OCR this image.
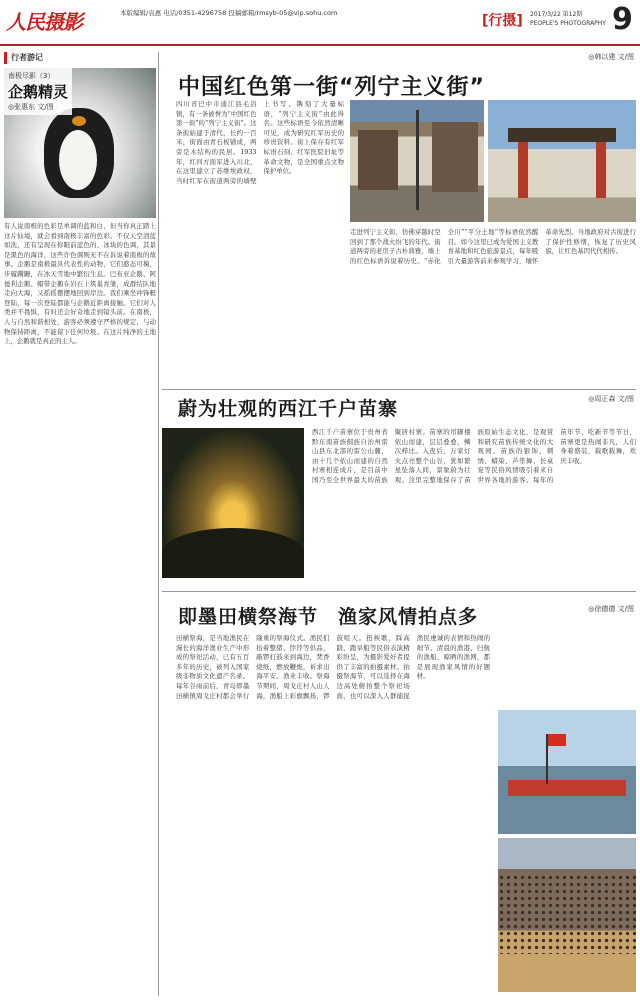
人民摄影	本版编辑/袁惠 电话/0351-4296758 投稿邮箱/rmsyb-05@vip.sohu.com	[行摄] 2017/3/22 第12期
PEOPLE'S PHOTOGRAPHY 9
行者游记
南极尽影（3）
企鹅精灵
◎张惠东 文/图

有人说南极的色彩是单调的蓝和白，但当你真正踏上这片仙境，就会看到南极丰富的色彩。不仅天空清蓝如洗，还有呈现在你眼前蓝色的、冰块的色调，其景是黑色的海洋，这些许色调则无不在诉说着南极的故事。企鹅是南极最具代表性的动物，它们憨态可掬，步履蹒跚，在冰天雪地中繁衍生息。巴布亚企鹅、阿德利企鹅、帽带企鹅在岩石上筑巢育雏，成群结队地走向大海，又摇摇摆摆地回到岸边。我们乘坐冲锋艇登陆，每一次登陆都能与企鹅近距离接触。它们对人类并不畏惧，有时还会好奇地走到镜头前。在南极，人与自然和谐相处，游客必须遵守严格的规定，与动物保持距离，不能留下任何垃圾。在这片纯净的土地上，企鹅就是真正的主人。

◎韩以建 文/图
中国红色第一街“列宁主义街”

四川省巴中市通江县毛浴镇，有一条被誉为“中国红色第一街”的“列宁主义街”。这条街始建于清代，长约一百米，街面由青石板铺成，两旁是木结构的民居。1933年，红四方面军进入川北，在这里建立了苏维埃政权，当时红军在街道两旁的墙壁上书写、镌刻了大量标语，“列宁主义街”由此得名。这些标语至今依然清晰可见，成为研究红军历史的珍贵资料。街上保存有红军标语石刻、红军医院旧址等革命文物，是全国重点文物保护单位。

走进列宁主义街，仿佛穿越时空回到了那个战火纷飞的年代。街道两旁的老房子古朴典雅，墙上的红色标语诉说着历史。“赤化全川”“平分土地”等标语依然醒目。如今这里已成为爱国主义教育基地和红色旅游景点，每年吸引大量游客前来参观学习，缅怀革命先烈。当地政府对古街进行了保护性修缮，恢复了历史风貌，让红色基因代代相传。

蔚为壮观的西江千户苗寨	◎周正森 文/图

西江千户苗寨位于贵州省黔东南苗族侗族自治州雷山县东北部的雷公山麓，由十几个依山而建的自然村寨相连成片，是目前中国乃至全世界最大的苗族聚居村寨。苗寨的吊脚楼依山而建，层层叠叠，鳞次栉比。入夜后，万家灯火点亮整个山谷，犹如繁星坠落人间，景象蔚为壮观。这里完整地保存了苗族原始生态文化，是观赏和研究苗族传统文化的大观园。苗族的银饰、刺绣、蜡染、芦笙舞、长桌宴等民俗风情吸引着来自世界各地的游客。每年的苗年节、吃新节等节日，苗寨更是热闹非凡，人们身着盛装，载歌载舞，欢庆丰收。

即墨田横祭海节　渔家风情拍点多	◎徐德德 文/图

田横祭海，是当地渔民在漫长的海洋渔业生产中形成的祭祀活动，已有五百多年的历史，被列入国家级非物质文化遗产名录。每年谷雨前后，青岛即墨田横镇周戈庄村都会举行隆重的祭海仪式。渔民们抬着整猪、饽饽等供品，敲锣打鼓来到海边，焚香烧纸，燃放鞭炮，祈求出海平安、渔业丰收。祭海节期间，周戈庄村人山人海，渔船上彩旗飘扬，锣鼓喧天。扭秧歌、踩高跷、跑旱船等民俗表演精彩纷呈，为摄影爱好者提供了丰富的拍摄素材。拍摄祭海节，可以选择在海边高处俯拍整个祭祀场面，也可以深入人群捕捉渔民虔诚的表情和热闹的细节。清晨的渔港、归航的渔船、晾晒的渔网，都是展现渔家风情的好题材。
